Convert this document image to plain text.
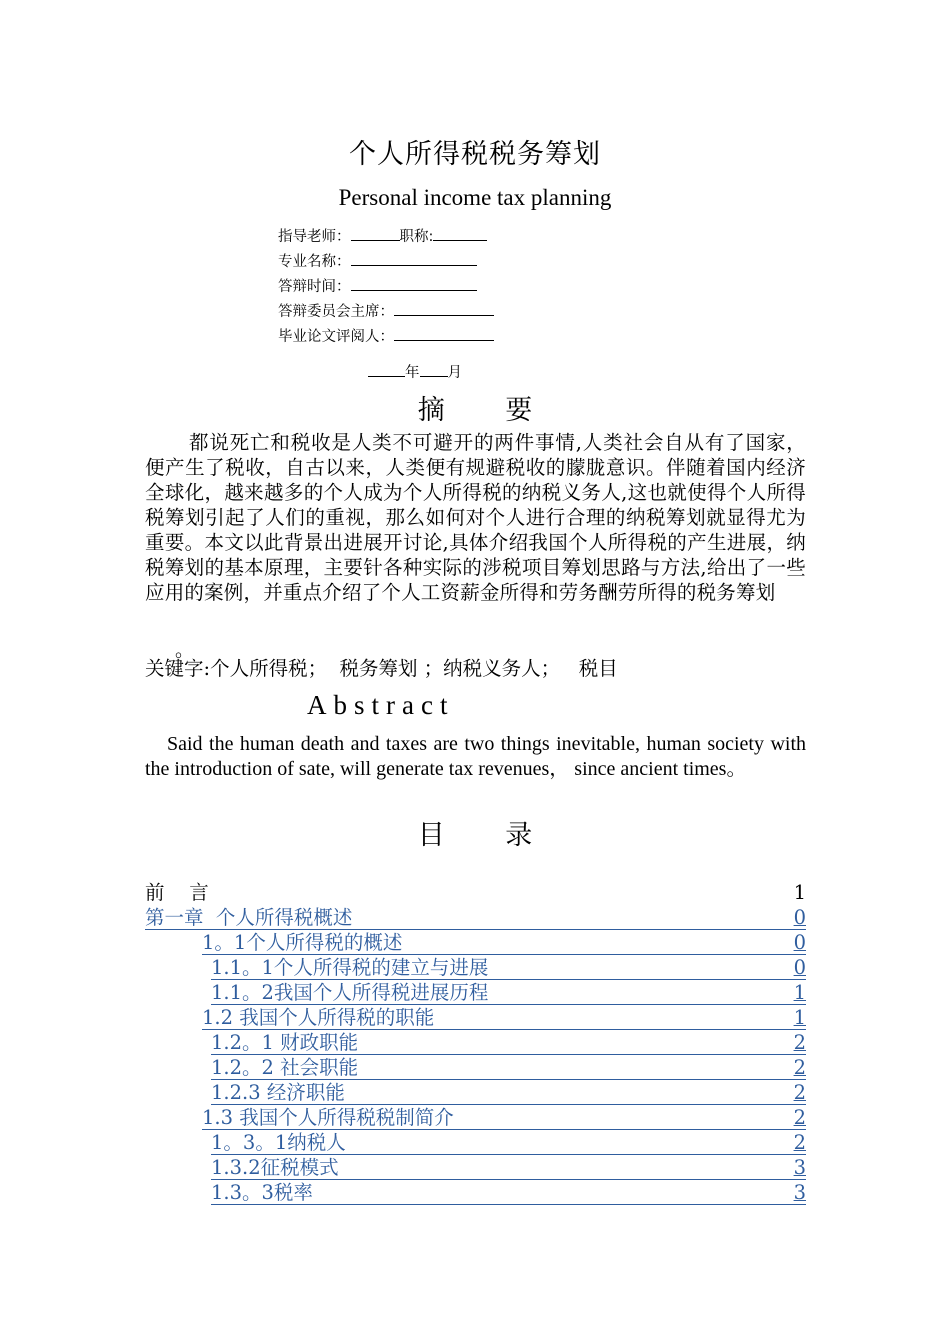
个人所得税税务筹划
Personal income tax planning
指导老师：	职称:
专业名称：
答辩时间：
答辩委员会主席：
毕业论文评阅人：
年 月
摘 要
都说死亡和税收是人类不可避开的两件事情,人类社会自从有了国家，便产生了税收，自古以来，人类便有规避税收的朦胧意识。伴随着国内经济全球化，越来越多的个人成为个人所得税的纳税义务人,这也就使得个人所得税筹划引起了人们的重视，那么如何对个人进行合理的纳税筹划就显得尤为重要。本文以此背景出进展开讨论,具体介绍我国个人所得税的产生进展，纳税筹划的基本原理，主要针各种实际的涉税项目筹划思路与方法,给出了一些应用的案例，并重点介绍了个人工资薪金所得和劳务酬劳所得的税务筹划
。
关键字:个人所得税；  税务筹划 ；纳税义务人；   税目
Abstract
Said the human death and taxes are two things inevitable, human society with the introduction of sate, will generate tax revenues， since ancient times。
目 录
前    言	1
第一章  个人所得税概述	0
1。1个人所得税的概述	0
1.1。1个人所得税的建立与进展	0
1.1。2我国个人所得税进展历程	1
1.2 我国个人所得税的职能	1
1.2。1 财政职能	2
1.2。2 社会职能	2
1.2.3 经济职能	2
1.3 我国个人所得税税制简介	2
1。3。1纳税人	2
1.3.2征税模式	3
1.3。3税率	3
